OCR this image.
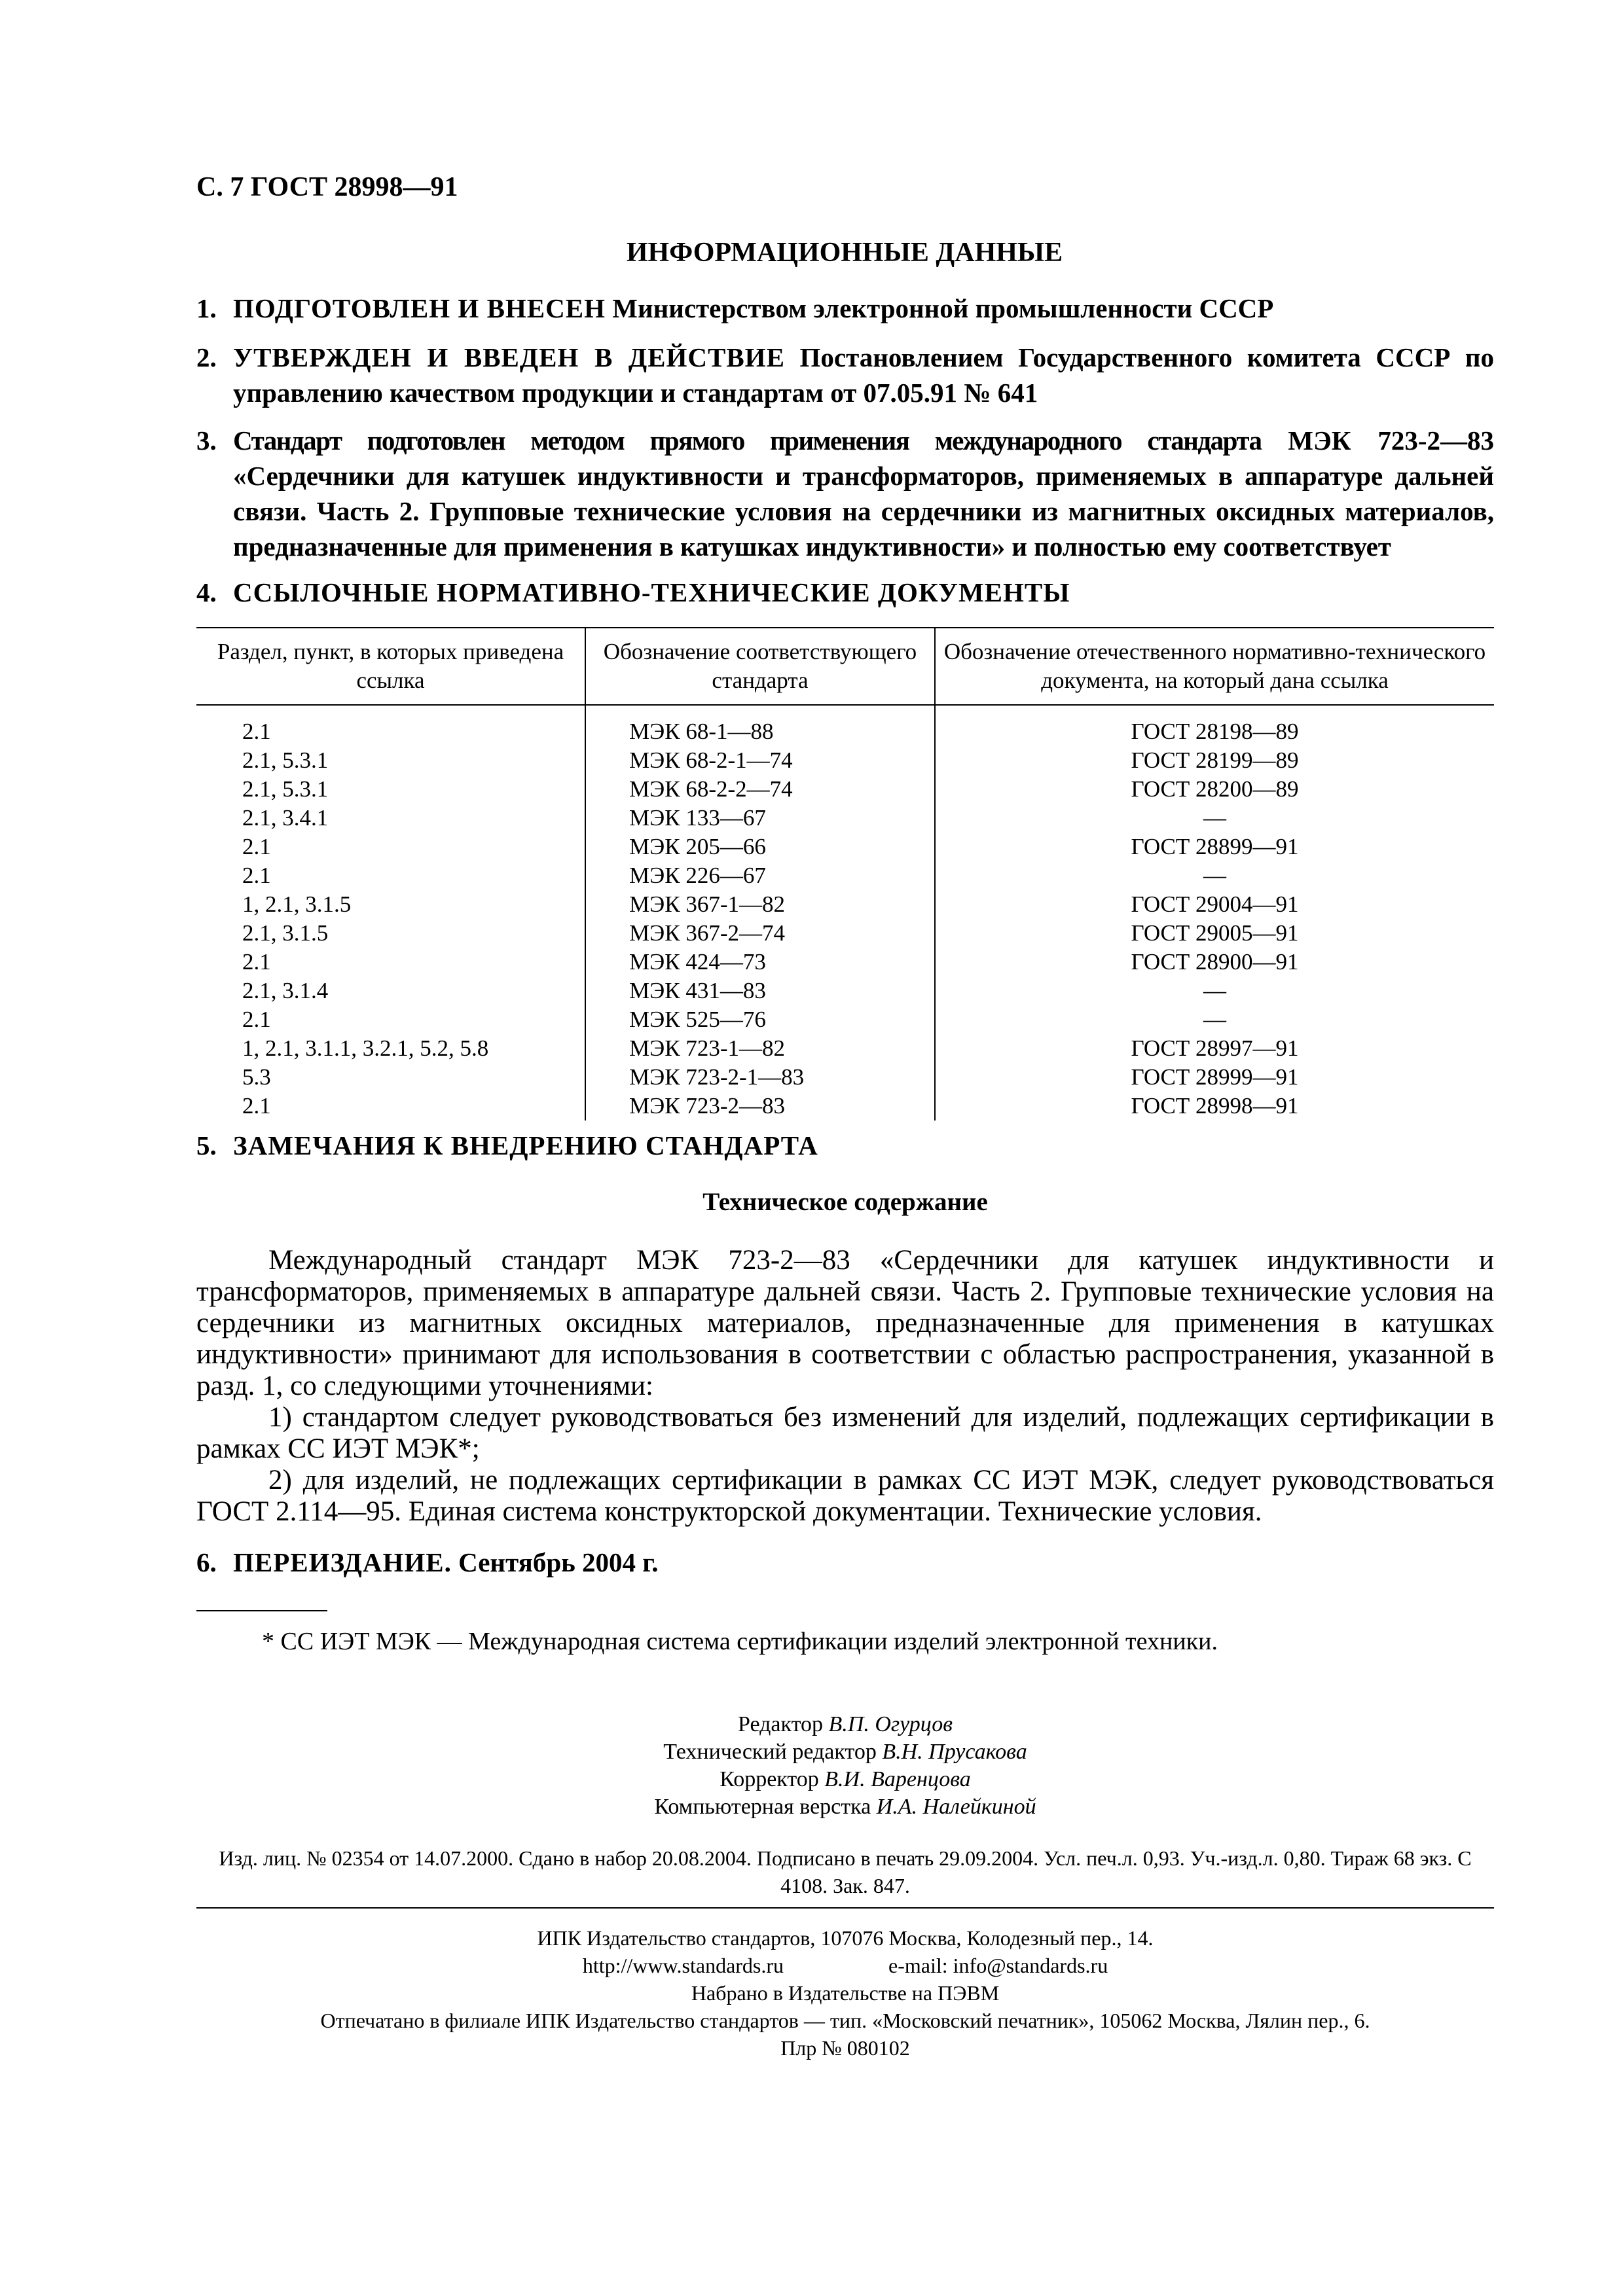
С. 7 ГОСТ 28998—91
ИНФОРМАЦИОННЫЕ ДАННЫЕ
1. ПОДГОТОВЛЕН И ВНЕСЕН Министерством электронной промышленности СССР
2. УТВЕРЖДЕН И ВВЕДЕН В ДЕЙСТВИЕ Постановлением Государственного комитета СССР по управлению качеством продукции и стандартам от 07.05.91 № 641
3. Стандарт подготовлен методом прямого применения международного стандарта МЭК 723-2—83 «Сердечники для катушек индуктивности и трансформаторов, применяемых в аппаратуре дальней связи. Часть 2. Групповые технические условия на сердечники из магнитных оксидных материалов, предназначенные для применения в катушках индуктивности» и полностью ему соответствует
4. ССЫЛОЧНЫЕ НОРМАТИВНО-ТЕХНИЧЕСКИЕ ДОКУМЕНТЫ
Раздел, пункт, в которых приведена ссылка	Обозначение соответствующего стандарта	Обозначение отечественного нормативно-технического документа, на который дана ссылка
2.1	МЭК 68-1—88	ГОСТ 28198—89
2.1, 5.3.1	МЭК 68-2-1—74	ГОСТ 28199—89
2.1, 5.3.1	МЭК 68-2-2—74	ГОСТ 28200—89
2.1, 3.4.1	МЭК 133—67	—
2.1	МЭК 205—66	ГОСТ 28899—91
2.1	МЭК 226—67	—
1, 2.1, 3.1.5	МЭК 367-1—82	ГОСТ 29004—91
2.1, 3.1.5	МЭК 367-2—74	ГОСТ 29005—91
2.1	МЭК 424—73	ГОСТ 28900—91
2.1, 3.1.4	МЭК 431—83	—
2.1	МЭК 525—76	—
1, 2.1, 3.1.1, 3.2.1, 5.2, 5.8	МЭК 723-1—82	ГОСТ 28997—91
5.3	МЭК 723-2-1—83	ГОСТ 28999—91
2.1	МЭК 723-2—83	ГОСТ 28998—91
5. ЗАМЕЧАНИЯ К ВНЕДРЕНИЮ СТАНДАРТА
Техническое содержание

Международный стандарт МЭК 723-2—83 «Сердечники для катушек индуктивности и трансформаторов, применяемых в аппаратуре дальней связи. Часть 2. Групповые технические условия на сердечники из магнитных оксидных материалов, предназначенные для применения в катушках индуктивности» принимают для использования в соответствии с областью распространения, указанной в разд. 1, со следующими уточнениями:

1) стандартом следует руководствоваться без изменений для изделий, подлежащих сертификации в рамках СС ИЭТ МЭК*;

2) для изделий, не подлежащих сертификации в рамках СС ИЭТ МЭК, следует руководствоваться ГОСТ 2.114—95. Единая система конструкторской документации. Технические условия.

6. ПЕРЕИЗДАНИЕ. Сентябрь 2004 г.
* СС ИЭТ МЭК — Международная система сертификации изделий электронной техники.
Редактор В.П. Огурцов
Технический редактор В.Н. Прусакова
Корректор В.И. Варенцова
Компьютерная верстка И.А. Налейкиной
Изд. лиц. № 02354 от 14.07.2000. Сдано в набор 20.08.2004. Подписано в печать 29.09.2004. Усл. печ.л. 0,93. Уч.-изд.л. 0,80. Тираж 68 экз. С 4108. Зак. 847.
ИПК Издательство стандартов, 107076 Москва, Колодезный пер., 14.
http://www.standards.ru	e-mail: info@standards.ru
Набрано в Издательстве на ПЭВМ
Отпечатано в филиале ИПК Издательство стандартов — тип. «Московский печатник», 105062 Москва, Лялин пер., 6.
Плр № 080102
